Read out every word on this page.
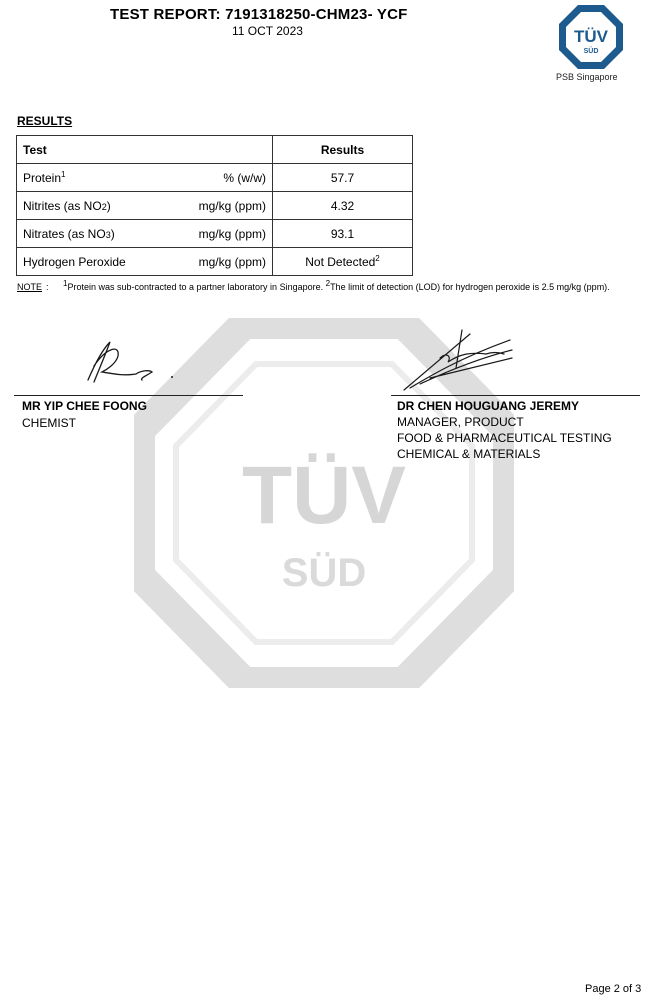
TÜV
SÜD
TEST REPORT: 7191318250-CHM23- YCF
11 OCT 2023	TÜV
SÜD
PSB Singapore
RESULTS
Test	Results

Protein$^1$ % (w/w)	57.7

Nitrites (as NO2) mg/kg (ppm)	4.32

Nitrates (as NO3) mg/kg (ppm)	93.1

Hydrogen Peroxide mg/kg (ppm)	Not Detected$^2$
NOTE : $^1$Protein was sub-contracted to a partner laboratory in Singapore. $^2$The limit of detection (LOD) for hydrogen peroxide is 2.5 mg/kg (ppm).
MR YIP CHEE FOONG
CHEMIST
DR CHEN HOUGUANG JEREMY
MANAGER, PRODUCT
FOOD & PHARMACEUTICAL TESTING
CHEMICAL & MATERIALS
Page 2 of 3
